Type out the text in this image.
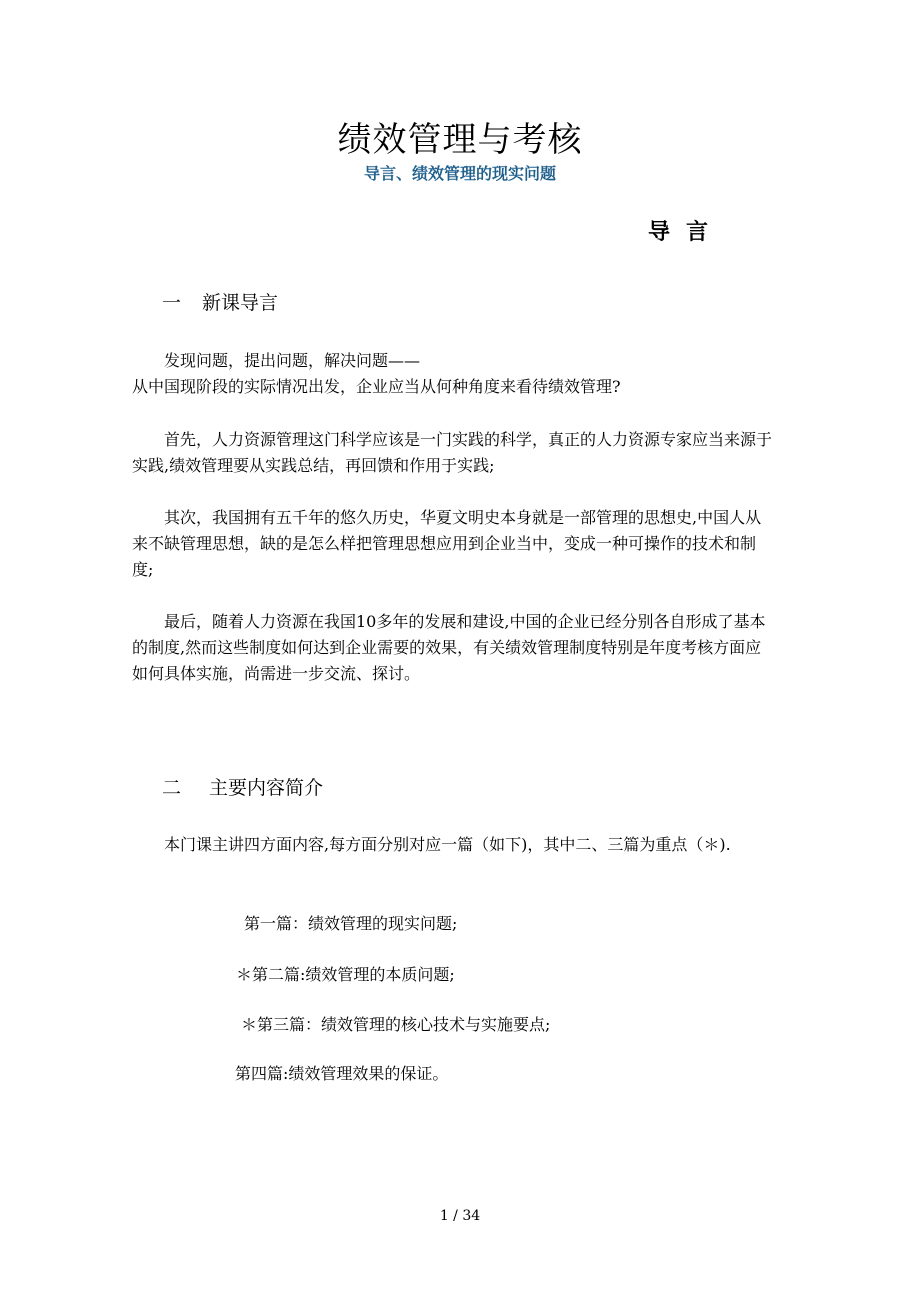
绩效管理与考核
导言、绩效管理的现实问题
导言
一 新课导言
发现问题，提出问题，解决问题——
从中国现阶段的实际情况出发，企业应当从何种角度来看待绩效管理?
首先，人力资源管理这门科学应该是一门实践的科学，真正的人力资源专家应当来源于实践,绩效管理要从实践总结，再回馈和作用于实践;
其次，我国拥有五千年的悠久历史，华夏文明史本身就是一部管理的思想史,中国人从来不缺管理思想，缺的是怎么样把管理思想应用到企业当中，变成一种可操作的技术和制度;
最后，随着人力资源在我国10多年的发展和建设,中国的企业已经分别各自形成了基本的制度,然而这些制度如何达到企业需要的效果，有关绩效管理制度特别是年度考核方面应如何具体实施，尚需进一步交流、探讨。
二 主要内容简介
本门课主讲四方面内容,每方面分别对应一篇（如下)，其中二、三篇为重点（＊).
第一篇：绩效管理的现实问题;
＊第二篇:绩效管理的本质问题;
＊第三篇：绩效管理的核心技术与实施要点;
第四篇:绩效管理效果的保证。
1 / 34
